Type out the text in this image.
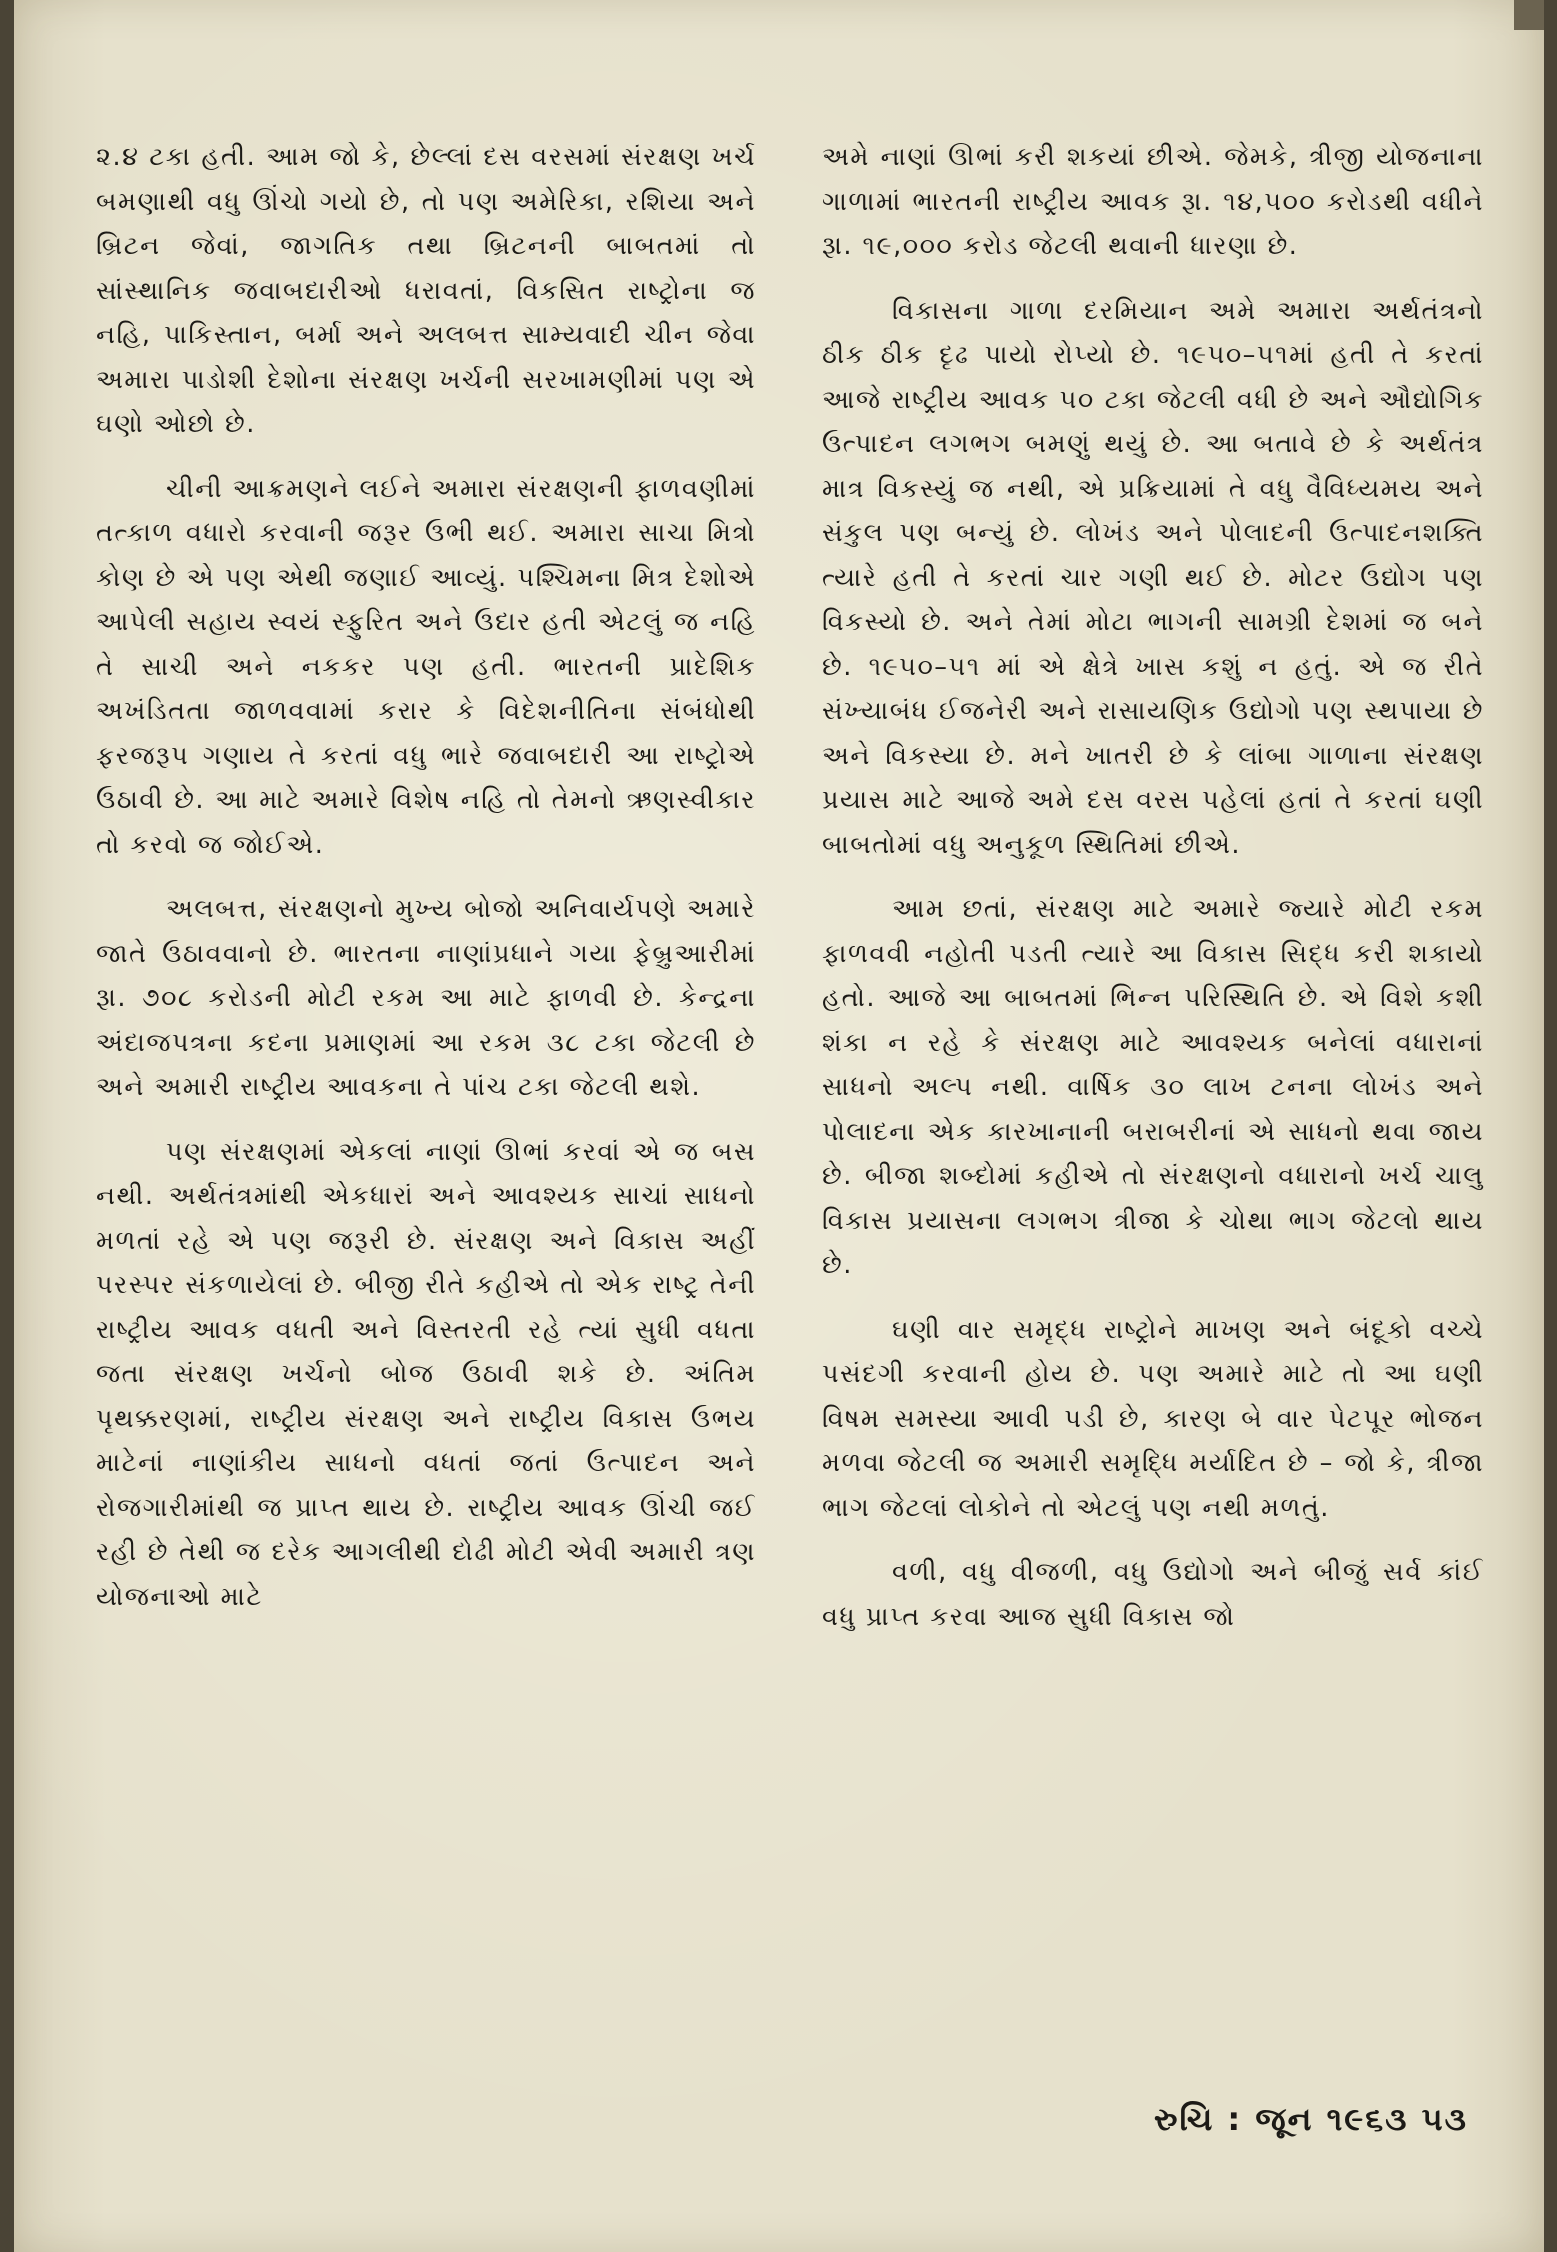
૨.૪ ટકા હતી. આમ જો કે, છેલ્લાં દસ વરસમાં સંરક્ષણ ખર્ચ બમણાથી વધુ ઊંચો ગયો છે, તો પણ અમેરિકા, રશિયા અને બ્રિટન જેવાં, જાગતિક તથા બ્રિટનની બાબતમાં તો સાંસ્થાનિક જવાબદારીઓ ધરાવતાં, વિકસિત રાષ્ટ્રોના જ નહિ, પાકિસ્તાન, બર્મા અને અલબત્ત સામ્યવાદી ચીન જેવા અમારા પાડોશી દેશોના સંરક્ષણ ખર્ચની સરખામણીમાં પણ એ ઘણો ઓછો છે.

ચીની આક્રમણને લઈને અમારા સંરક્ષણની ફાળવણીમાં તત્કાળ વધારો કરવાની જરૂર ઉભી થઈ. અમારા સાચા મિત્રો કોણ છે એ પણ એથી જણાઈ આવ્યું. પશ્ચિમના મિત્ર દેશોએ આપેલી સહાય સ્વયં સ્ફુરિત અને ઉદાર હતી એટલું જ નહિ તે સાચી અને નકકર પણ હતી. ભારતની પ્રાદેશિક અખંડિતતા જાળવવામાં કરાર કે વિદેશનીતિના સંબંધોથી ફરજરૂપ ગણાય તે કરતાં વધુ ભારે જવાબદારી આ રાષ્ટ્રોએ ઉઠાવી છે. આ માટે અમારે વિશેષ નહિ તો તેમનો ઋણસ્વીકાર તો કરવો જ જોઈએ.

અલબત્ત, સંરક્ષણનો મુખ્ય બોજો અનિવાર્યપણે અમારે જાતે ઉઠાવવાનો છે. ભારતના નાણાંપ્રધાને ગયા ફેબ્રુઆરીમાં રૂા. ૭૦૮ કરોડની મોટી રકમ આ માટે ફાળવી છે. કેન્દ્રના અંદાજપત્રના કદના પ્રમાણમાં આ રકમ ૩૮ ટકા જેટલી છે અને અમારી રાષ્ટ્રીય આવકના તે પાંચ ટકા જેટલી થશે.

પણ સંરક્ષણમાં એકલાં નાણાં ઊભાં કરવાં એ જ બસ નથી. અર્થતંત્રમાંથી એકધારાં અને આવશ્યક સાચાં સાધનો મળતાં રહે એ પણ જરૂરી છે. સંરક્ષણ અને વિકાસ અહીં પરસ્પર સંકળાયેલાં છે. બીજી રીતે કહીએ તો એક રાષ્ટ્ર તેની રાષ્ટ્રીય આવક વધતી અને વિસ્તરતી રહે ત્યાં સુધી વધતા જતા સંરક્ષણ ખર્ચનો બોજ ઉઠાવી શકે છે. અંતિમ પૃથક્કરણમાં, રાષ્ટ્રીય સંરક્ષણ અને રાષ્ટ્રીય વિકાસ ઉભય માટેનાં નાણાંકીય સાધનો વધતાં જતાં ઉત્પાદન અને રોજગારીમાંથી જ પ્રાપ્ત થાય છે. રાષ્ટ્રીય આવક ઊંચી જઈ રહી છે તેથી જ દરેક આગલીથી દોઢી મોટી એવી અમારી ત્રણ યોજનાઓ માટે

અમે નાણાં ઊભાં કરી શકયાં છીએ. જેમકે, ત્રીજી યોજનાના ગાળામાં ભારતની રાષ્ટ્રીય આવક રૂા. ૧૪,૫૦૦ કરોડથી વધીને રૂા. ૧૯,૦૦૦ કરોડ જેટલી થવાની ધારણા છે.

વિકાસના ગાળા દરમિયાન અમે અમારા અર્થતંત્રનો ઠીક ઠીક દૃઢ પાયો રોપ્યો છે. ૧૯૫૦–૫૧માં હતી તે કરતાં આજે રાષ્ટ્રીય આવક ૫૦ ટકા જેટલી વધી છે અને ઔદ્યોગિક ઉત્પાદન લગભગ બમણું થયું છે. આ બતાવે છે કે અર્થતંત્ર માત્ર વિકસ્યું જ નથી, એ પ્રક્રિયામાં તે વધુ વૈવિધ્યમય અને સંકુલ પણ બન્યું છે. લોખંડ અને પોલાદની ઉત્પાદનશક્તિ ત્યારે હતી તે કરતાં ચાર ગણી થઈ છે. મોટર ઉદ્યોગ પણ વિકસ્યો છે. અને તેમાં મોટા ભાગની સામગ્રી દેશમાં જ બને છે. ૧૯૫૦–૫૧ માં એ ક્ષેત્રે ખાસ કશું ન હતું. એ જ રીતે સંખ્યાબંધ ઈજનેરી અને રાસાયણિક ઉદ્યોગો પણ સ્થપાયા છે અને વિકસ્યા છે. મને ખાતરી છે કે લાંબા ગાળાના સંરક્ષણ પ્રયાસ માટે આજે અમે દસ વરસ પહેલાં હતાં તે કરતાં ઘણી બાબતોમાં વધુ અનુકૂળ સ્થિતિમાં છીએ.

આમ છતાં, સંરક્ષણ માટે અમારે જ્યારે મોટી રકમ ફાળવવી નહોતી પડતી ત્યારે આ વિકાસ સિદ્ધ કરી શકાયો હતો. આજે આ બાબતમાં ભિન્ન પરિસ્થિતિ છે. એ વિશે કશી શંકા ન રહે કે સંરક્ષણ માટે આવશ્યક બનેલાં વધારાનાં સાધનો અલ્પ નથી. વાર્ષિક ૩૦ લાખ ટનના લોખંડ અને પોલાદના એક કારખાનાની બરાબરીનાં એ સાધનો થવા જાય છે. બીજા શબ્દોમાં કહીએ તો સંરક્ષણનો વધારાનો ખર્ચ ચાલુ વિકાસ પ્રયાસના લગભગ ત્રીજા કે ચોથા ભાગ જેટલો થાય છે.

ઘણી વાર સમૃદ્ધ રાષ્ટ્રોને માખણ અને બંદૂકો વચ્ચે પસંદગી કરવાની હોય છે. પણ અમારે માટે તો આ ઘણી વિષમ સમસ્યા આવી પડી છે, કારણ બે વાર પેટપૂર ભોજન મળવા જેટલી જ અમારી સમૃદ્ધિ મર્યાદિત છે – જો કે, ત્રીજા ભાગ જેટલાં લોકોને તો એટલું પણ નથી મળતું.

વળી, વધુ વીજળી, વધુ ઉદ્યોગો અને બીજું સર્વ કાંઈ વધુ પ્રાપ્ત કરવા આજ સુધી વિકાસ જો

રુચિ : જૂન ૧૯૬૩ ૫૩
